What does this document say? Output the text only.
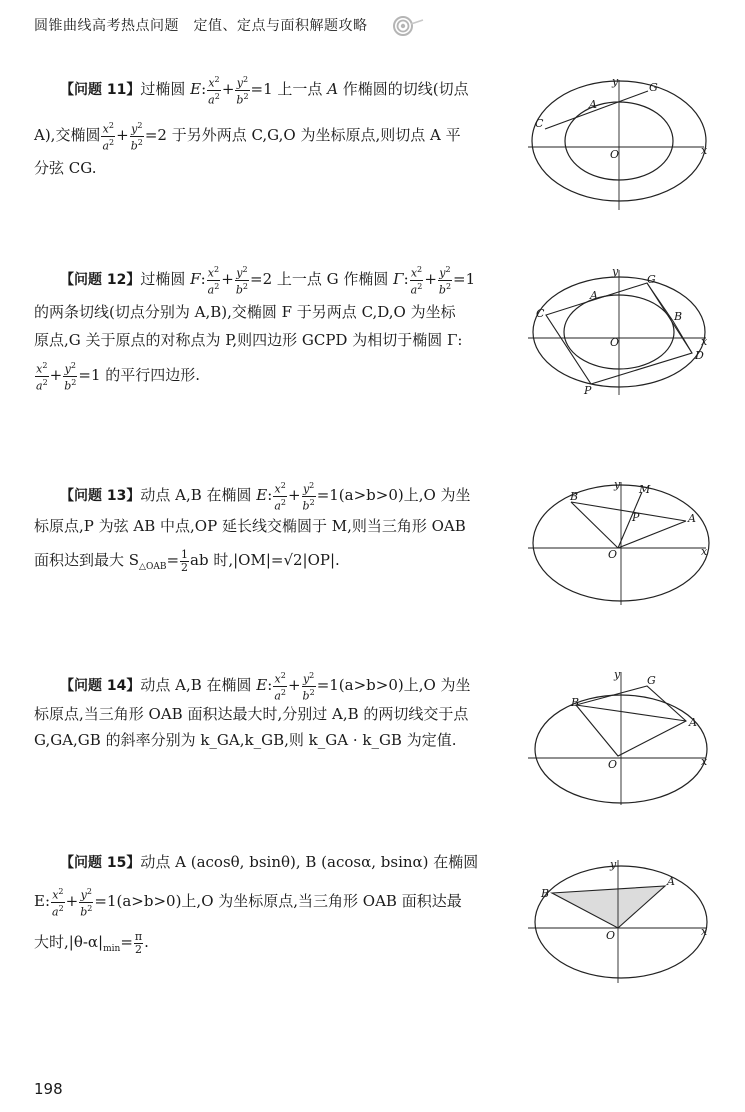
圆锥曲线高考热点问题　定值、定点与面积解题攻略
【问题 11】过椭圆 E: $\frac{x^2}{a^2} + \frac{y^2}{b^2} =1$ 上一点 A 作椭圆的切线(切点
A),交椭圆 $\frac{x^2}{a^2} + \frac{y^2}{b^2} =2$ 于另外两点 C,G,O 为坐标原点,则切点 A 平
分弦 CG.
y	G
A
C
O	x
【问题 12】过椭圆 F: $\frac{x^2}{a^2} + \frac{y^2}{b^2} =2$ 上一点 G 作椭圆 Γ: $\frac{x^2}{a^2} + \frac{y^2}{b^2} =1$
的两条切线(切点分别为 A,B),交椭圆 F 于另两点 C,D,O 为坐标
原点,G 关于原点的对称点为 P,则四边形 GCPD 为相切于椭圆 Γ:
$\frac{x^2}{a^2} + \frac{y^2}{b^2} =1$ 的平行四边形.
y
G
A
C	B
O	x
D
P
【问题 13】动点 A,B 在椭圆 E: $\frac{x^2}{a^2} + \frac{y^2}{b^2} =1(a>b>0)$上,O 为坐
标原点,P 为弦 AB 中点,OP 延长线交椭圆于 M,则当三角形 OAB
面积达到最大 $S_{\triangle OAB}= \frac{1}{2}$ ab 时,|OM|=√2|OP|.
y M
B
P	A
O	x
【问题 14】动点 A,B 在椭圆 E: $\frac{x^2}{a^2} + \frac{y^2}{b^2} =1(a>b>0)$上,O 为坐
标原点,当三角形 OAB 面积达最大时,分别过 A,B 的两切线交于点
G,GA,GB 的斜率分别为 k_GA,k_GB,则 k_GA · k_GB 为定值.
y G
B
A
O	x
【问题 15】动点 A (acosθ, bsinθ), B (acosα, bsinα) 在椭圆
E: $\frac{x^2}{a^2} + \frac{y^2}{b^2} =1(a>b>0)$上,O 为坐标原点,当三角形 OAB 面积达最
大时$,|\theta-\alpha|_{min}= \frac{\pi}{2}$ .
y
A
B
O	x
198
